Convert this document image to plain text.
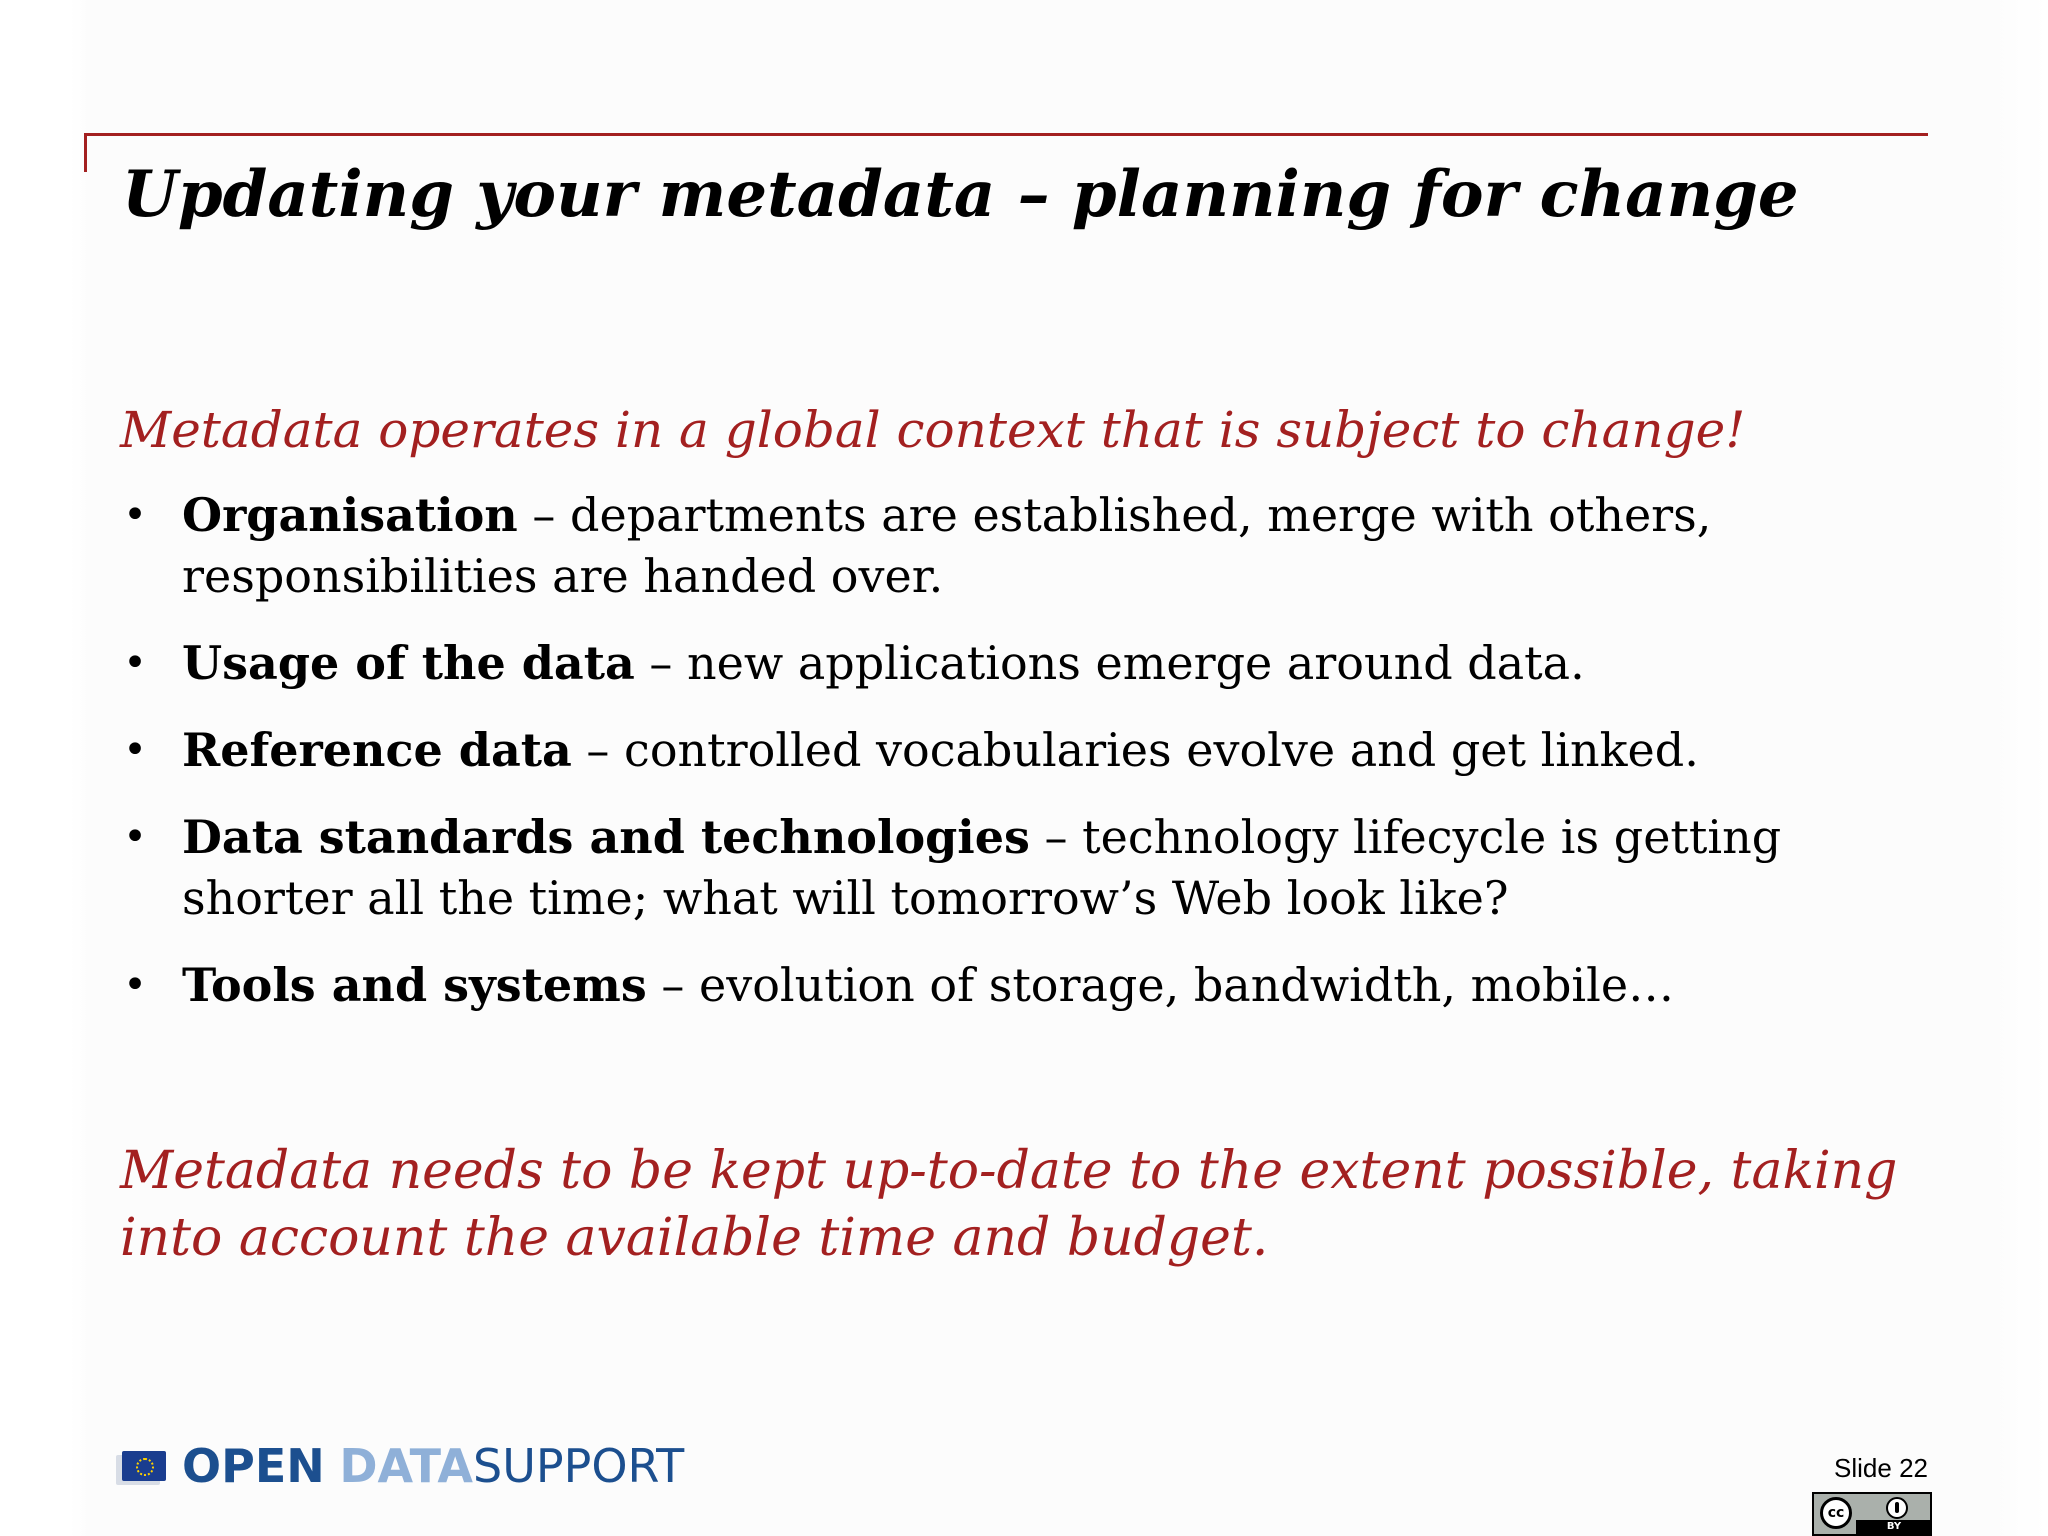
Updating your metadata – planning for change

Metadata operates in a global context that is subject to change!

• Organisation – departments are established, merge with others, responsibilities are handed over.
• Usage of the data – new applications emerge around data.
• Reference data – controlled vocabularies evolve and get linked.
• Data standards and technologies – technology lifecycle is getting shorter all the time; what will tomorrow’s Web look like?
• Tools and systems – evolution of storage, bandwidth, mobile…

Metadata needs to be kept up-to-date to the extent possible, taking into account the available time and budget.

OPEN DATASUPPORT	Slide 22
cc
BY
